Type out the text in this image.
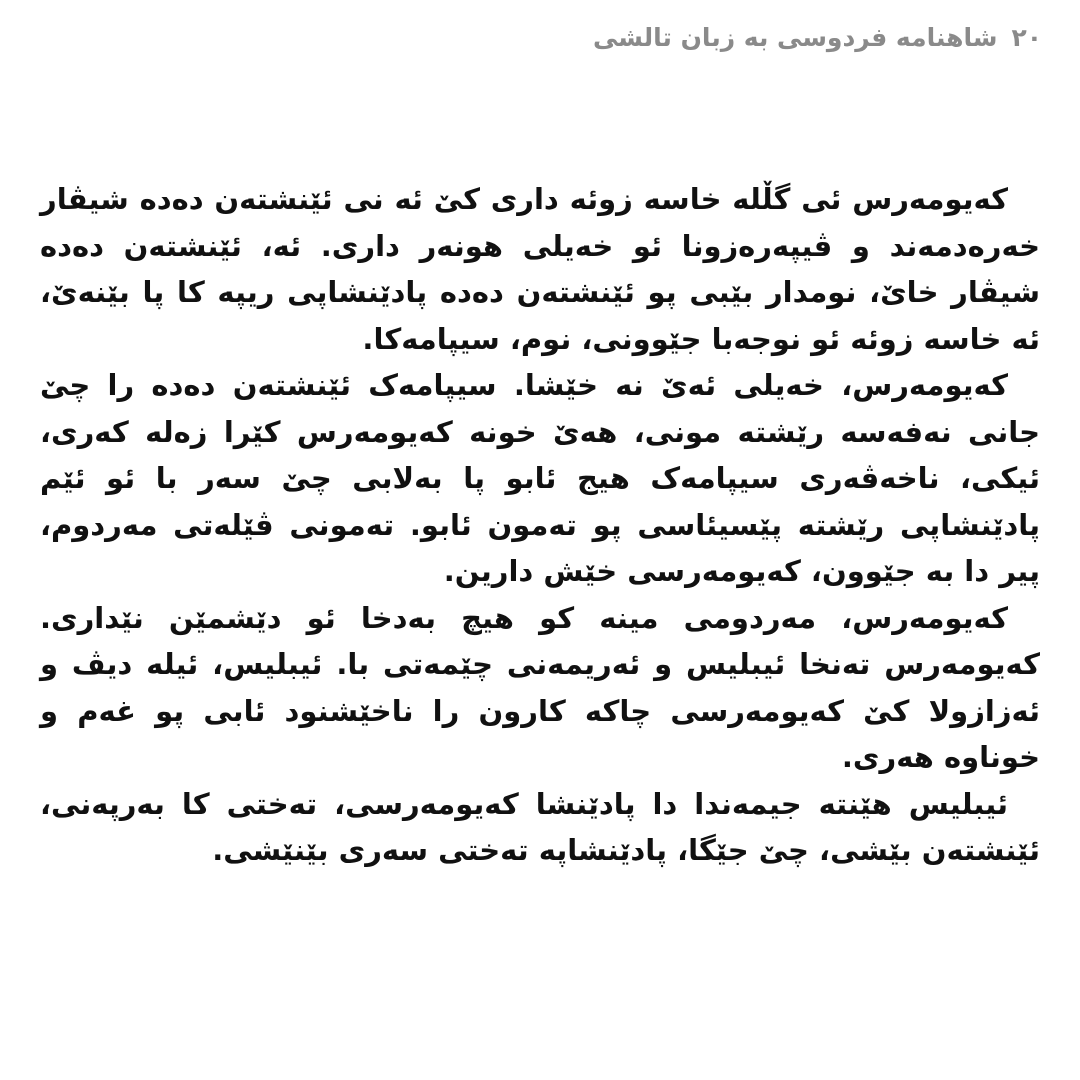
٢٠شاهنامه فردوسی به زبان تالشی

کەیومەرس ئی گڵلە خاسە زوئە داری کێ ئە نی ئێنشتەن دەدە شیڤار خەرەدمەند و ڤیپەرەزونا ئو خەیلی هونەر داری. ئە، ئێنشتەن دەدە شیڤار خاێ، نومدار بێبی پو ئێنشتەن دەدە پادێنشاپی ریپە کا پا بێنەێ، ئە خاسە زوئە ئو نوجەبا جێوونی، نوم، سیپامەکا.

کەیومەرس، خەیلی ئەێ نە خێشا. سیپامەک ئێنشتەن دەدە را چێ جانی نەفەسە رێشتە مونی، هەێ خونە کەیومەرس کێرا زەلە کەری، ئیکی، ناخەڤەری سیپامەک هیج ئابو پا بەلابی چێ سەر با ئو ئێم پادێنشاپی رێشتە پێسیئاسی پو تەمون ئابو. تەمونی ڤێلەتی مەردوم، پیر دا بە جێوون، کەیومەرسی خێش دارین.

کەیومەرس، مەردومی مینە کو هیچ بەدخا ئو دێشمێن نێداری. کەیومەرس تەنخا ئیبلیس و ئەریمەنی چێمەتی با. ئیبلیس، ئیلە دیڤ و ئەزازولا کێ کەیومەرسی چاکە کارون را ناخێشنود ئابی پو غەم و خوناوە هەری.

ئیبلیس هێنتە جیمەندا دا پادێنشا کەیومەرسی، تەختی کا بەرپەنی، ئێنشتەن بێشی، چێ جێگا، پادێنشاپە تەختی سەری بێنێشی.
